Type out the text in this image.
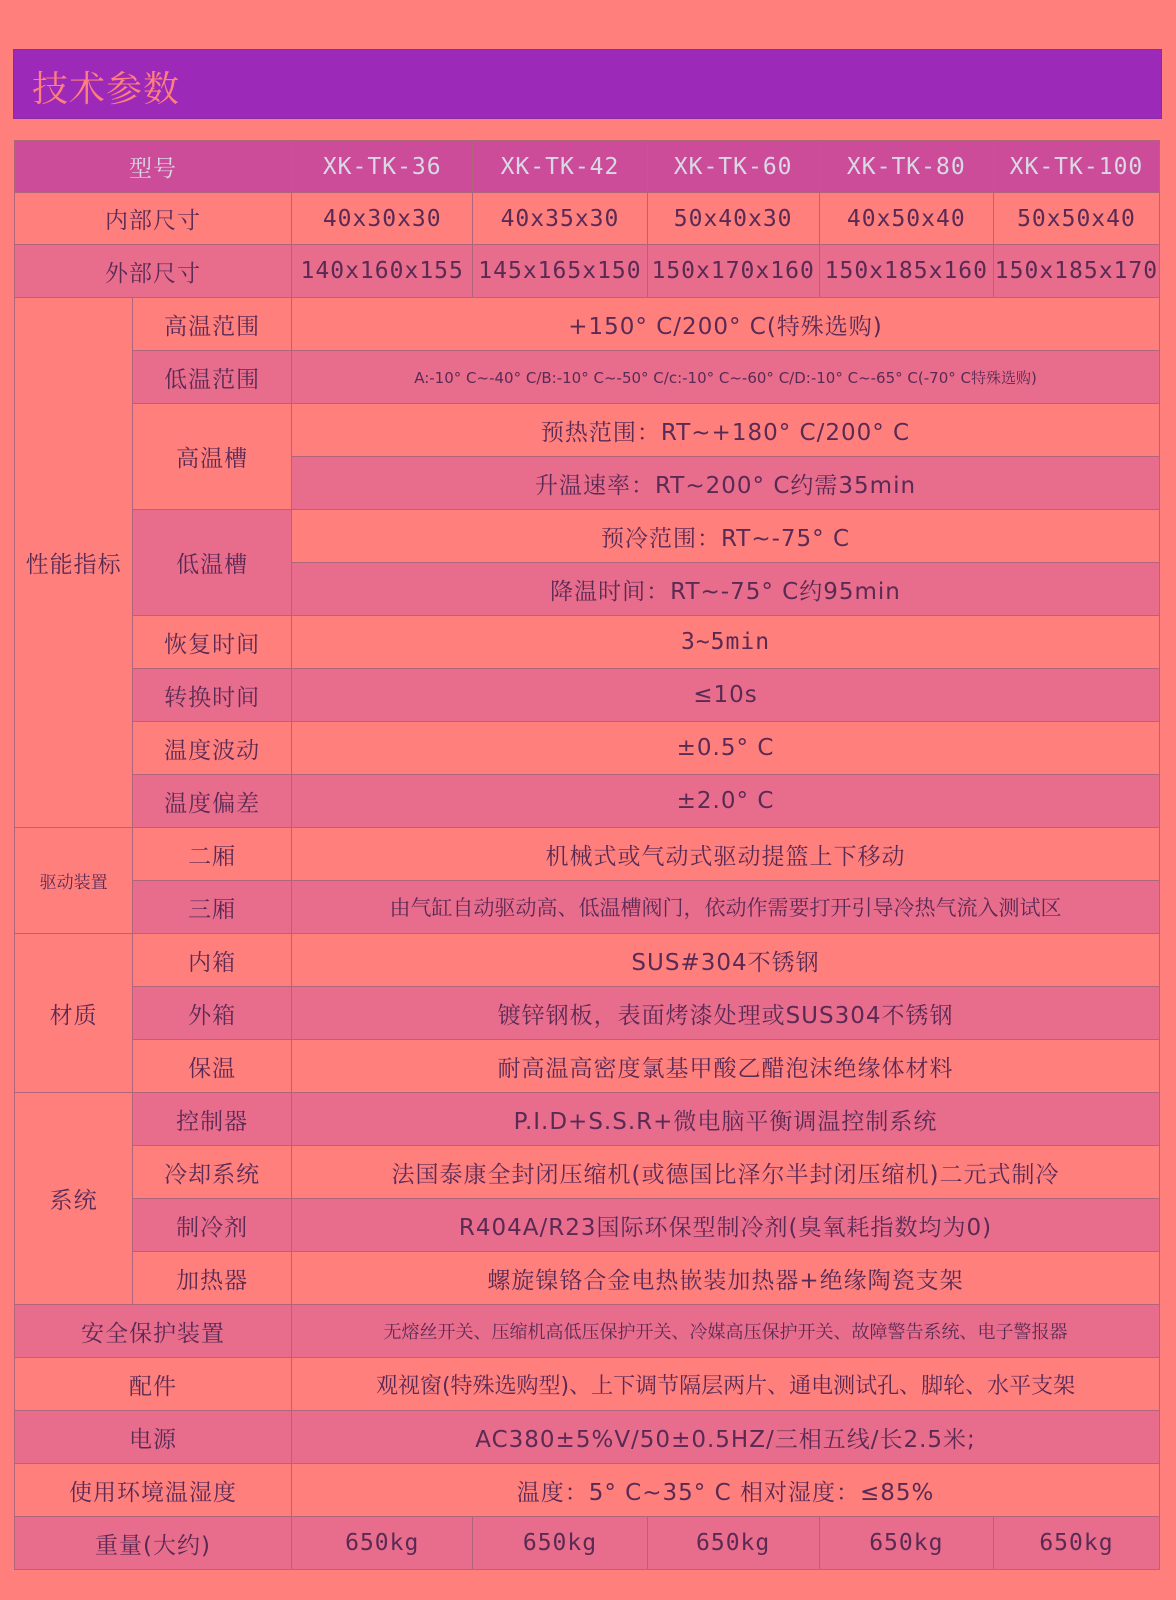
技术参数
型号		XK-TK-36	XK-TK-42	XK-TK-60	XK-TK-80	XK-TK-100
内部尺寸		40x30x30	40x35x30	50x40x30	40x50x40	50x50x40
外部尺寸		140x160x155	145x165x150	150x170x160	150x185x160	150x185x170
性能指标	高温范围	+150° C/200° C(特殊选购)				
	低温范围	A:-10° C~-40° C/B:-10° C~-50° C/c:-10° C~-60° C/D:-10° C~-65° C(-70° C特殊选购)				
	高温槽	预热范围：RT~+180° C/200° C				
		升温速率：RT~200° C约需35min				
	低温槽	预冷范围：RT~-75° C				
		降温时间：RT~-75° C约95min				
	恢复时间	3~5min				
	转换时间	≤10s				
	温度波动	±0.5° C				
	温度偏差	±2.0° C				
驱动装置	二厢	机械式或气动式驱动提篮上下移动				
	三厢	由气缸自动驱动高、低温槽阀门，依动作需要打开引导冷热气流入测试区				
材质	内箱	SUS#304不锈钢				
	外箱	镀锌钢板，表面烤漆处理或SUS304不锈钢				
	保温	耐高温高密度氯基甲酸乙醋泡沫绝缘体材料				
系统	控制器	P.I.D+S.S.R+微电脑平衡调温控制系统				
	冷却系统	法国泰康全封闭压缩机(或德国比泽尔半封闭压缩机)二元式制冷				
	制冷剂	R404A/R23国际环保型制冷剂(臭氧耗指数均为0)				
	加热器	螺旋镍铬合金电热嵌装加热器+绝缘陶瓷支架				
安全保护装置		无熔丝开关、压缩机高低压保护开关、冷媒高压保护开关、故障警告系统、电子警报器				
配件		观视窗(特殊选购型)、上下调节隔层两片、通电测试孔、脚轮、水平支架				
电源		AC380±5%V/50±0.5HZ/三相五线/长2.5米;				
使用环境温湿度		温度：5° C~35° C 相对湿度：≤85%				
重量(大约)		650kg	650kg	650kg	650kg	650kg
